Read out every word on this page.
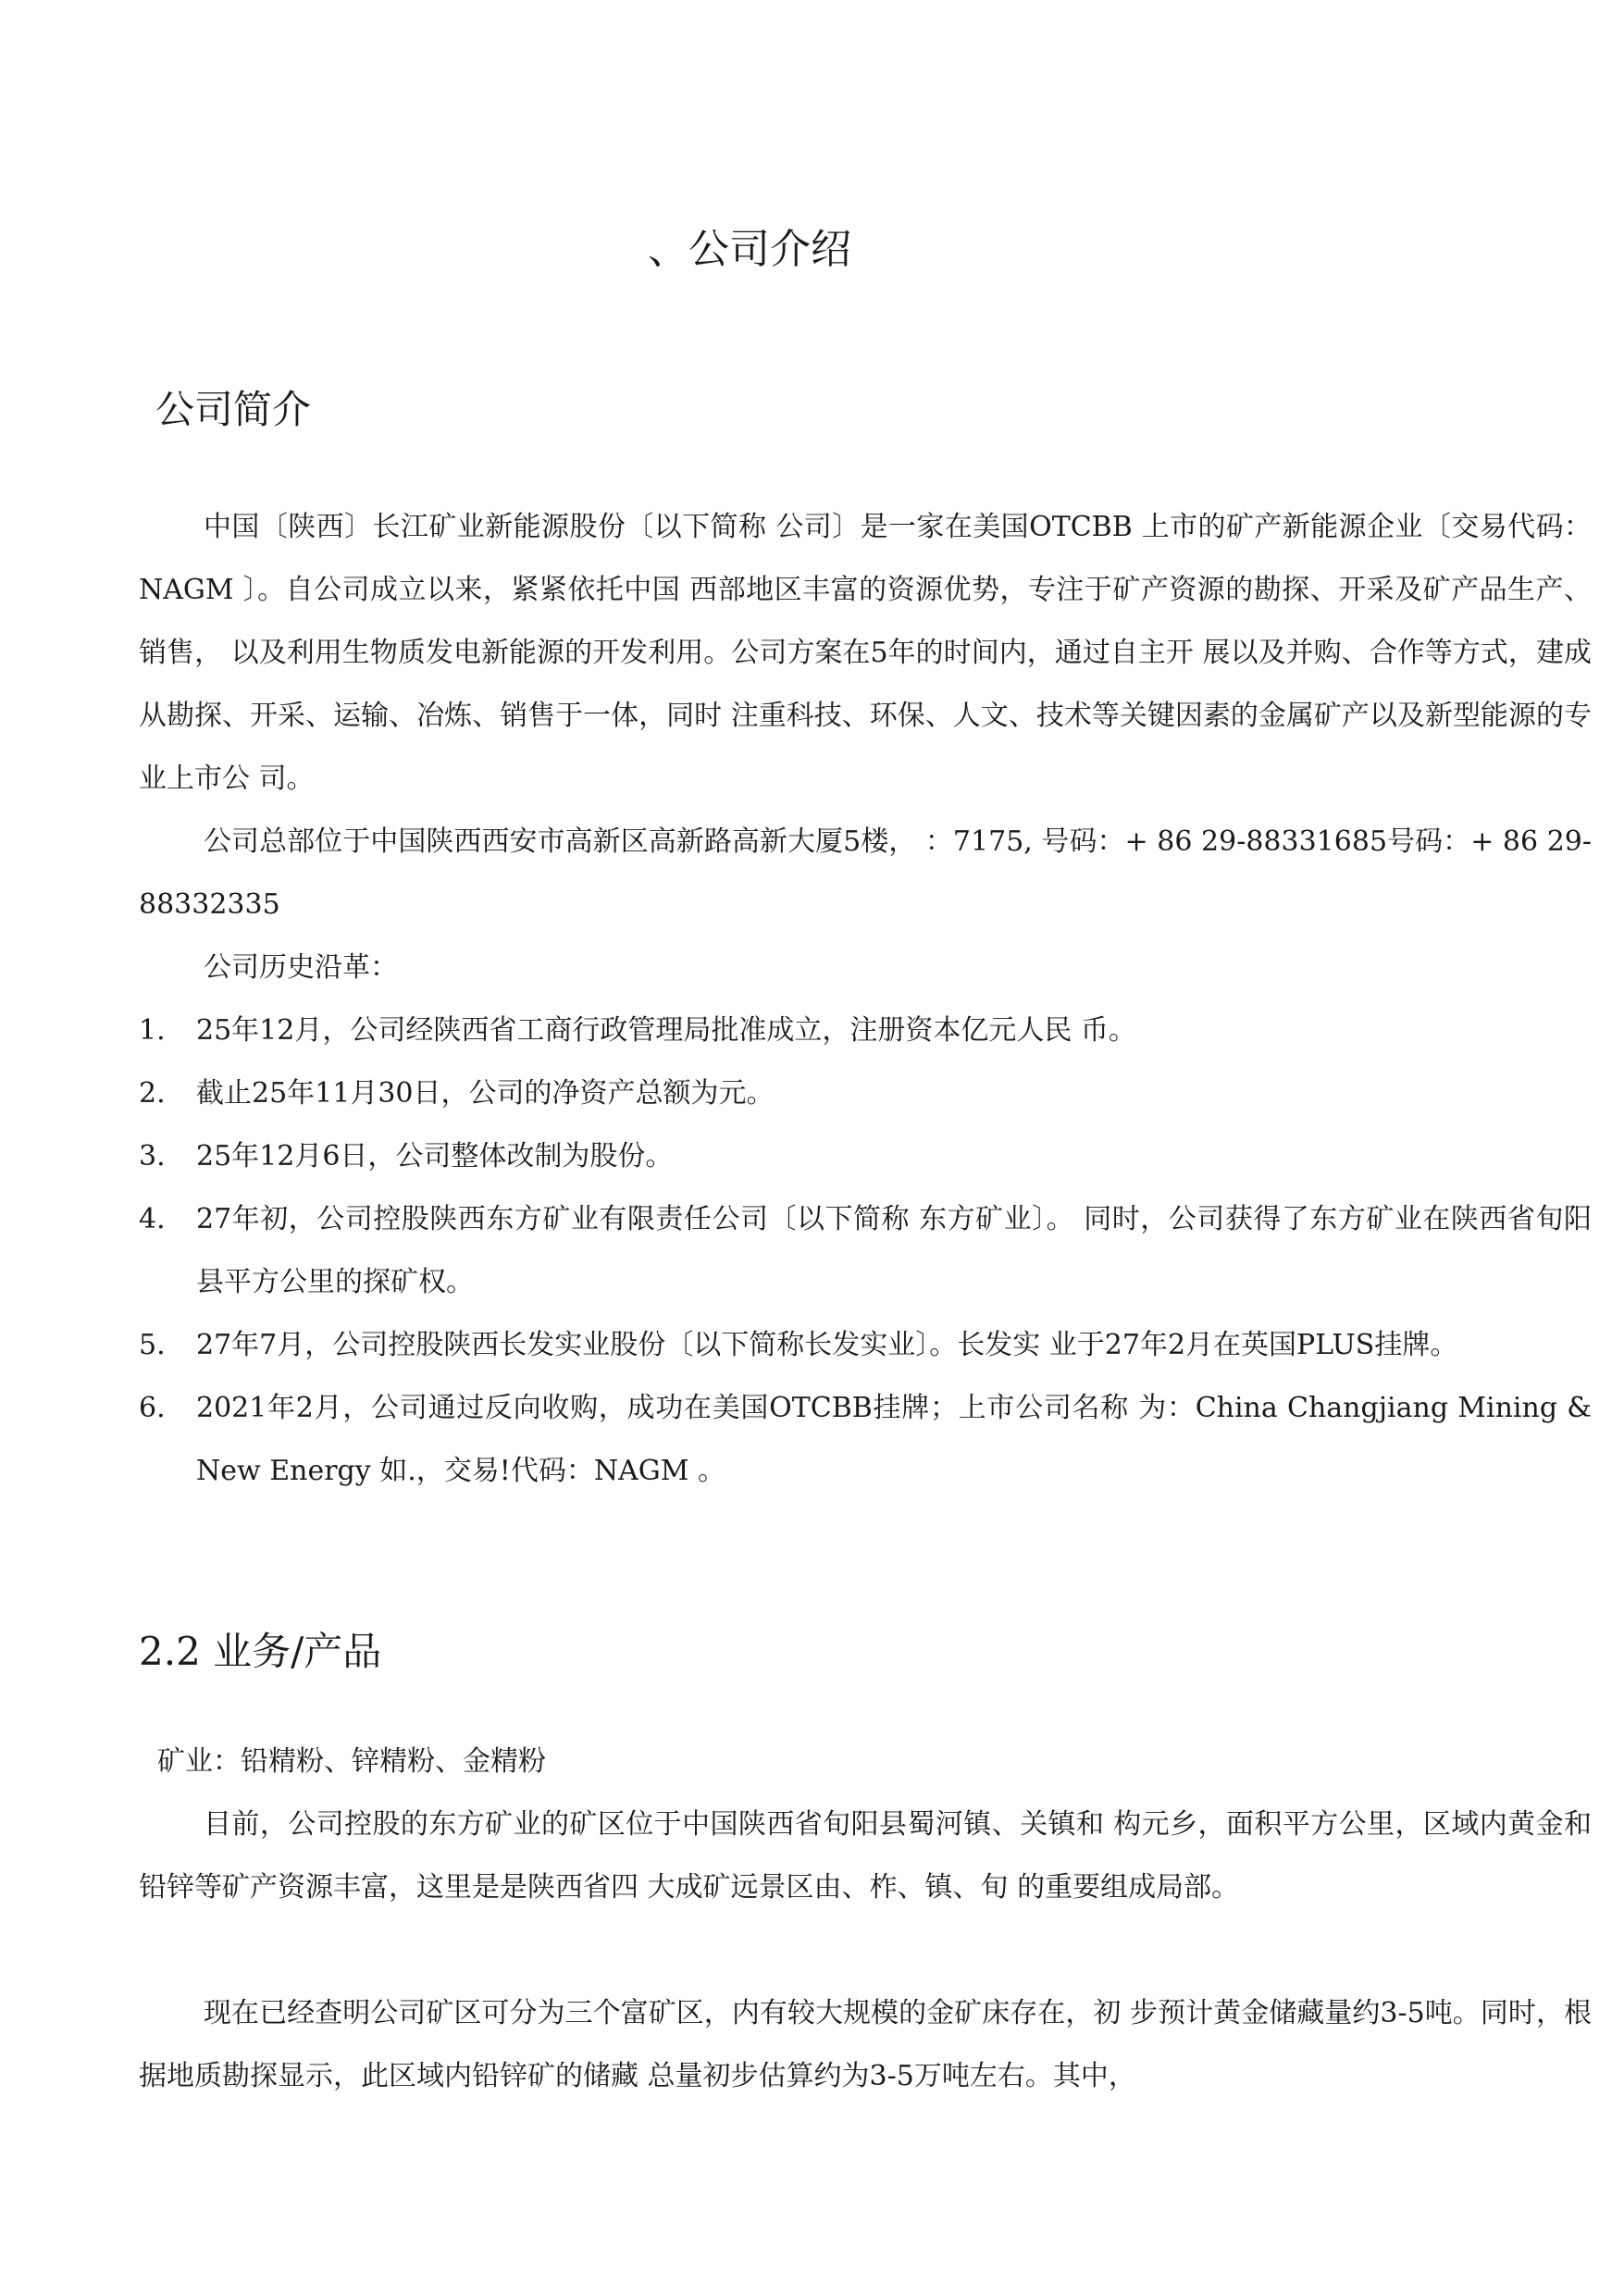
、公司介绍
公司简介

中国〔陕西〕长江矿业新能源股份〔以下简称 公司〕是一家在美国OTCBB 上市的矿产新能源企业〔交易代码：NAGM 〕。自公司成立以来，紧紧依托中国 西部地区丰富的资源优势，专注于矿产资源的勘探、开采及矿产品生产、销售， 以及利用生物质发电新能源的开发利用。公司方案在5年的时间内，通过自主开 展以及并购、合作等方式，建成从勘探、开采、运输、冶炼、销售于一体，同时 注重科技、环保、人文、技术等关键因素的金属矿产以及新型能源的专业上市公 司。

公司总部位于中国陕西西安市高新区高新路高新大厦5楼， ：7175, 号码：+ 86 29-88331685号码：+ 86 29-88332335

公司历史沿革：

1. 25年12月，公司经陕西省工商行政管理局批准成立，注册资本亿元人民 币。
2. 截止25年11月30日，公司的净资产总额为元。
3. 25年12月6日，公司整体改制为股份。
4. 27年初，公司控股陕西东方矿业有限责任公司〔以下简称 东方矿业〕。 同时，公司获得了东方矿业在陕西省旬阳县平方公里的探矿权。
5. 27年7月，公司控股陕西长发实业股份〔以下简称长发实业〕。长发实 业于27年2月在英国PLUS挂牌。
6. 2021年2月，公司通过反向收购，成功在美国OTCBB挂牌；上市公司名称 为：China Changjiang Mining & New Energy 如.，交易!代码：NAGM 。
2.2 业务/产品

矿业：铅精粉、锌精粉、金精粉

目前，公司控股的东方矿业的矿区位于中国陕西省旬阳县蜀河镇、关镇和 构元乡，面积平方公里，区域内黄金和铅锌等矿产资源丰富，这里是是陕西省四 大成矿远景区由、柞、镇、旬 的重要组成局部。

现在已经查明公司矿区可分为三个富矿区，内有较大规模的金矿床存在，初 步预计黄金储藏量约3-5吨。同时，根据地质勘探显示，此区域内铅锌矿的储藏 总量初步估算约为3-5万吨左右。其中，
